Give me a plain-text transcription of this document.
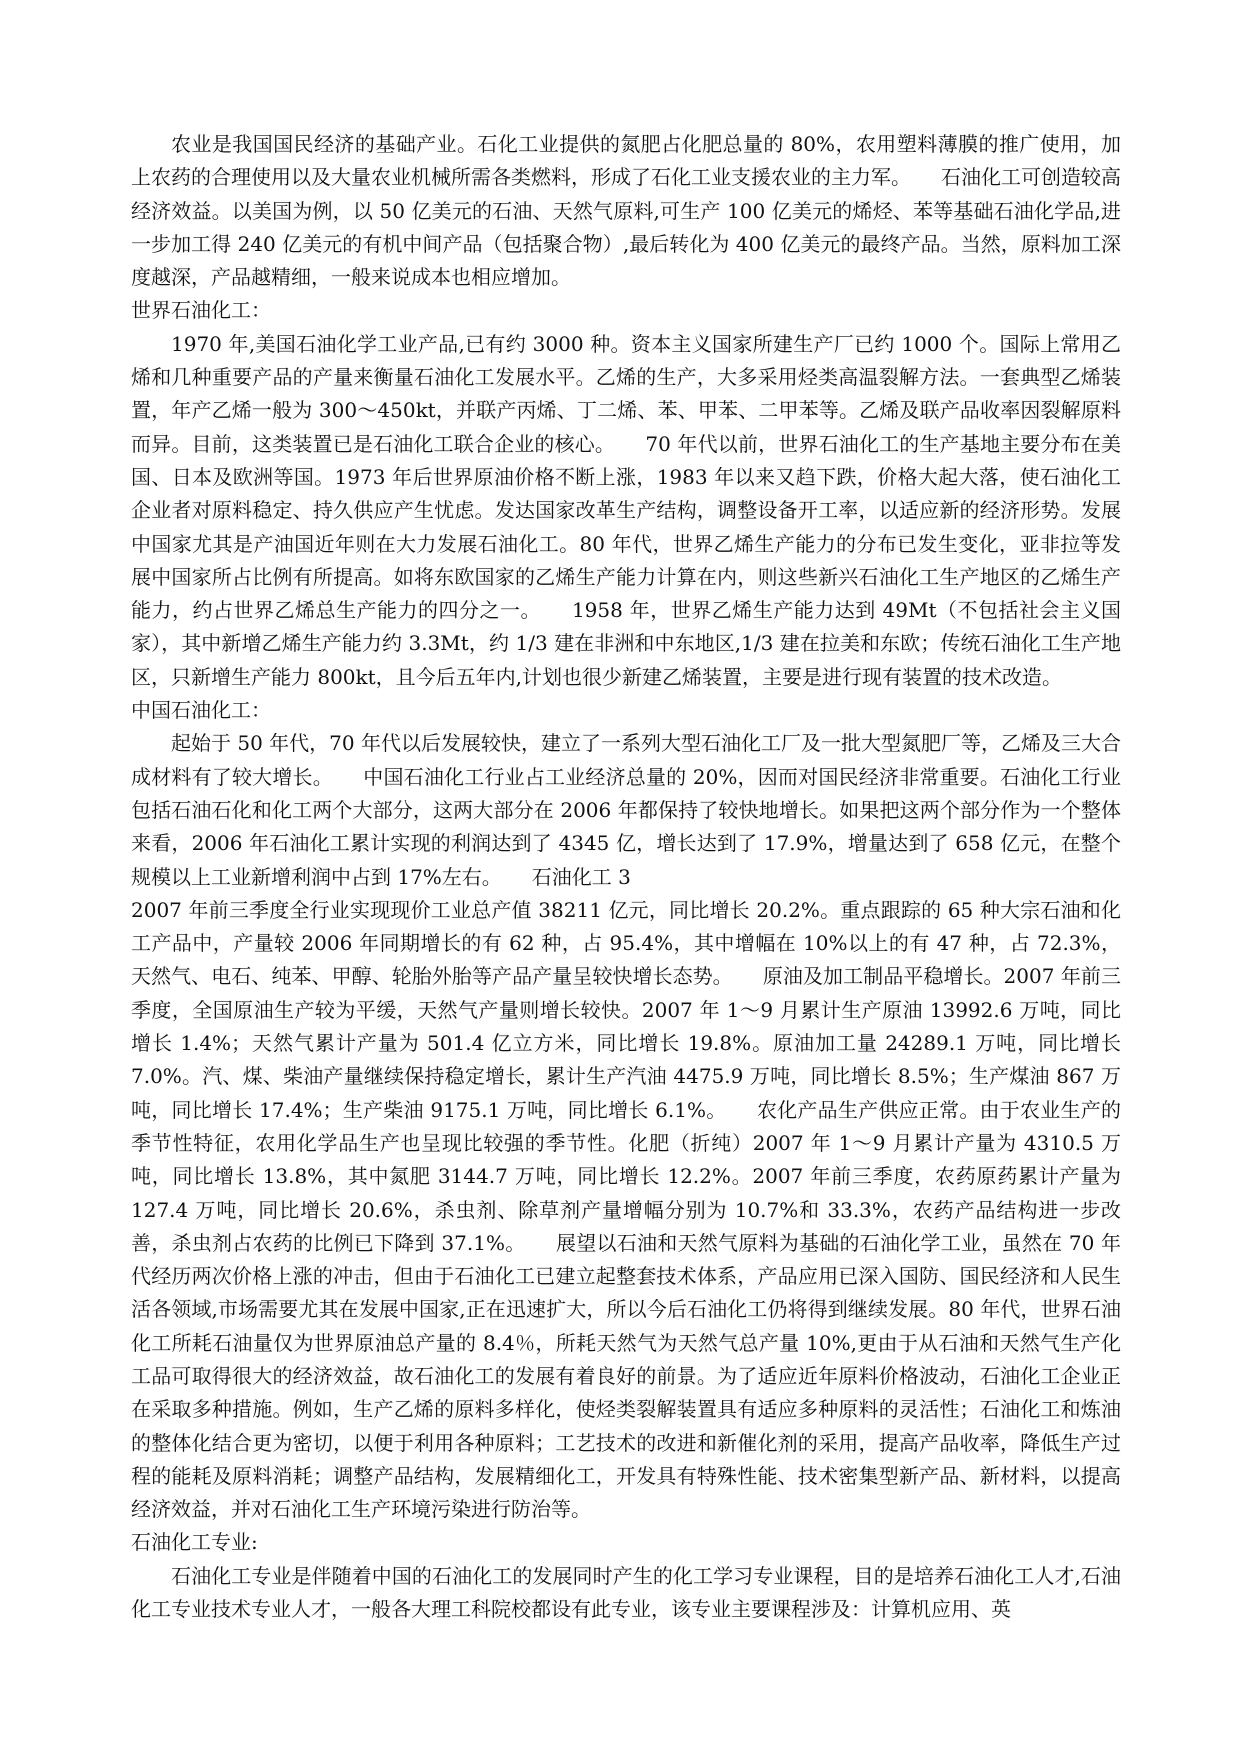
农业是我国国民经济的基础产业。石化工业提供的氮肥占化肥总量的 80%，农用塑料薄膜的推广使用，加上农药的合理使用以及大量农业机械所需各类燃料，形成了石化工业支援农业的主力军。　　石油化工可创造较高经济效益。以美国为例，以 50 亿美元的石油、天然气原料,可生产 100 亿美元的烯烃、苯等基础石油化学品,进一步加工得 240 亿美元的有机中间产品（包括聚合物）,最后转化为 400 亿美元的最终产品。当然，原料加工深度越深，产品越精细，一般来说成本也相应增加。

世界石油化工：

1970 年,美国石油化学工业产品,已有约 3000 种。资本主义国家所建生产厂已约 1000 个。国际上常用乙烯和几种重要产品的产量来衡量石油化工发展水平。乙烯的生产，大多采用烃类高温裂解方法。一套典型乙烯装置，年产乙烯一般为 300～450kt，并联产丙烯、丁二烯、苯、甲苯、二甲苯等。乙烯及联产品收率因裂解原料而异。目前，这类装置已是石油化工联合企业的核心。　　70 年代以前，世界石油化工的生产基地主要分布在美国、日本及欧洲等国。1973 年后世界原油价格不断上涨，1983 年以来又趋下跌，价格大起大落，使石油化工企业者对原料稳定、持久供应产生忧虑。发达国家改革生产结构，调整设备开工率，以适应新的经济形势。发展中国家尤其是产油国近年则在大力发展石油化工。80 年代，世界乙烯生产能力的分布已发生变化，亚非拉等发展中国家所占比例有所提高。如将东欧国家的乙烯生产能力计算在内，则这些新兴石油化工生产地区的乙烯生产能力，约占世界乙烯总生产能力的四分之一。　　1958 年，世界乙烯生产能力达到 49Mt（不包括社会主义国家），其中新增乙烯生产能力约 3.3Mt，约 1/3 建在非洲和中东地区,1/3 建在拉美和东欧；传统石油化工生产地区，只新增生产能力 800kt，且今后五年内,计划也很少新建乙烯装置，主要是进行现有装置的技术改造。

中国石油化工：

起始于 50 年代，70 年代以后发展较快，建立了一系列大型石油化工厂及一批大型氮肥厂等，乙烯及三大合成材料有了较大增长。　　中国石油化工行业占工业经济总量的 20%，因而对国民经济非常重要。石油化工行业包括石油石化和化工两个大部分，这两大部分在 2006 年都保持了较快地增长。如果把这两个部分作为一个整体来看，2006 年石油化工累计实现的利润达到了 4345 亿，增长达到了 17.9%，增量达到了 658 亿元，在整个规模以上工业新增利润中占到 17%左右。　　石油化工 3

2007 年前三季度全行业实现现价工业总产值 38211 亿元，同比增长 20.2%。重点跟踪的 65 种大宗石油和化工产品中，产量较 2006 年同期增长的有 62 种，占 95.4%，其中增幅在 10%以上的有 47 种，占 72.3%，天然气、电石、纯苯、甲醇、轮胎外胎等产品产量呈较快增长态势。　　原油及加工制品平稳增长。2007 年前三季度，全国原油生产较为平缓，天然气产量则增长较快。2007 年 1～9 月累计生产原油 13992.6 万吨，同比增长 1.4%；天然气累计产量为 501.4 亿立方米，同比增长 19.8%。原油加工量 24289.1 万吨，同比增长 7.0%。汽、煤、柴油产量继续保持稳定增长，累计生产汽油 4475.9 万吨，同比增长 8.5%；生产煤油 867 万吨，同比增长 17.4%；生产柴油 9175.1 万吨，同比增长 6.1%。　　农化产品生产供应正常。由于农业生产的季节性特征，农用化学品生产也呈现比较强的季节性。化肥（折纯）2007 年 1～9 月累计产量为 4310.5 万吨，同比增长 13.8%，其中氮肥 3144.7 万吨，同比增长 12.2%。2007 年前三季度，农药原药累计产量为 127.4 万吨，同比增长 20.6%，杀虫剂、除草剂产量增幅分别为 10.7%和 33.3%，农药产品结构进一步改善，杀虫剂占农药的比例已下降到 37.1%。　　展望以石油和天然气原料为基础的石油化学工业，虽然在 70 年代经历两次价格上涨的冲击，但由于石油化工已建立起整套技术体系，产品应用已深入国防、国民经济和人民生活各领域,市场需要尤其在发展中国家,正在迅速扩大，所以今后石油化工仍将得到继续发展。80 年代，世界石油化工所耗石油量仅为世界原油总产量的 8.4％，所耗天然气为天然气总产量 10%,更由于从石油和天然气生产化工品可取得很大的经济效益，故石油化工的发展有着良好的前景。为了适应近年原料价格波动，石油化工企业正在采取多种措施。例如，生产乙烯的原料多样化，使烃类裂解装置具有适应多种原料的灵活性；石油化工和炼油的整体化结合更为密切，以便于利用各种原料；工艺技术的改进和新催化剂的采用，提高产品收率，降低生产过程的能耗及原料消耗；调整产品结构，发展精细化工，开发具有特殊性能、技术密集型新产品、新材料，以提高经济效益，并对石油化工生产环境污染进行防治等。

石油化工专业:

石油化工专业是伴随着中国的石油化工的发展同时产生的化工学习专业课程，目的是培养石油化工人才,石油化工专业技术专业人才，一般各大理工科院校都设有此专业，该专业主要课程涉及：计算机应用、英
